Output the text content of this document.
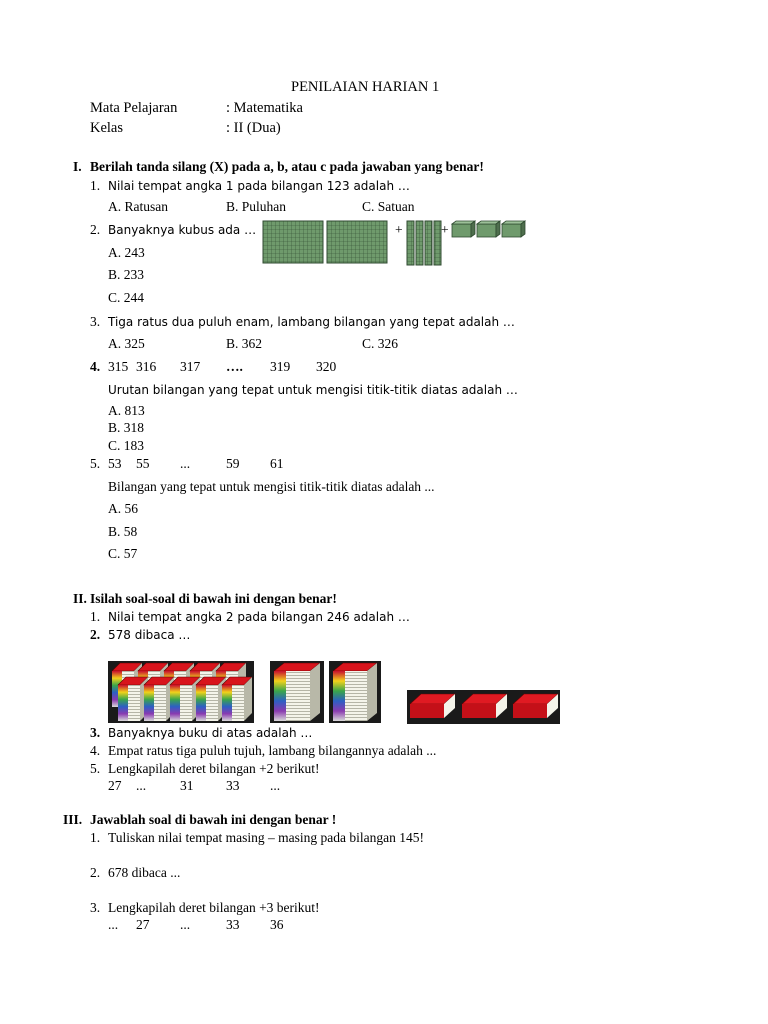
PENILAIAN HARIAN 1
Mata Pelajaran	: Matematika
Kelas	: II (Dua)
I. Berilah tanda silang (X) pada a, b, atau c pada jawaban yang benar!
1. Nilai tempat angka 1 pada bilangan 123 adalah …
A. Ratusan	B. Puluhan	C. Satuan
2. Banyaknya kubus ada …	+	+
A. 243
B. 233
C. 244
3. Tiga ratus dua puluh enam, lambang bilangan yang tepat adalah …
A. 325	B. 362	C. 326
4. 315 316 317 …. 319 320
Urutan bilangan yang tepat untuk mengisi titik-titik diatas adalah …
A. 813
B. 318
C. 183
5. 53 55 ...	59 61
Bilangan yang tepat untuk mengisi titik-titik diatas adalah ...
A. 56
B. 58
C. 57
II. Isilah soal-soal di bawah ini dengan benar!
1. Nilai tempat angka 2 pada bilangan 246 adalah …
2. 578 dibaca …
3. Banyaknya buku di atas adalah …
4. Empat ratus tiga puluh tujuh, lambang bilangannya adalah ...
5. Lengkapilah deret bilangan +2 berikut!
27 ...	31 33 ...
III. Jawablah soal di bawah ini dengan benar !
1. Tuliskan nilai tempat masing – masing pada bilangan 145!
2. 678 dibaca ...
3. Lengkapilah deret bilangan +3 berikut!
... 27 ...	33 36
